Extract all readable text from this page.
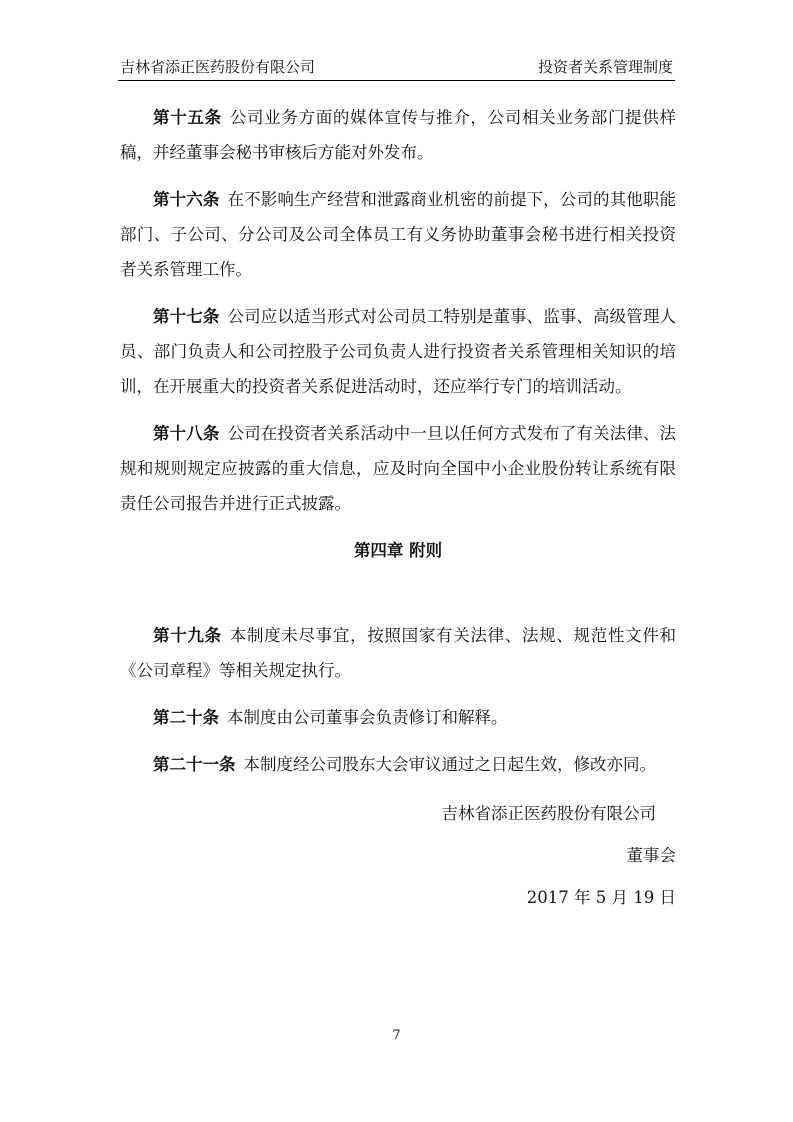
吉林省添正医药股份有限公司	投资者关系管理制度

第十五条 公司业务方面的媒体宣传与推介，公司相关业务部门提供样稿，并经董事会秘书审核后方能对外发布。

第十六条 在不影响生产经营和泄露商业机密的前提下，公司的其他职能部门、子公司、分公司及公司全体员工有义务协助董事会秘书进行相关投资者关系管理工作。

第十七条 公司应以适当形式对公司员工特别是董事、监事、高级管理人员、部门负责人和公司控股子公司负责人进行投资者关系管理相关知识的培训，在开展重大的投资者关系促进活动时，还应举行专门的培训活动。

第十八条 公司在投资者关系活动中一旦以任何方式发布了有关法律、法规和规则规定应披露的重大信息，应及时向全国中小企业股份转让系统有限责任公司报告并进行正式披露。

第四章 附则

第十九条 本制度未尽事宜，按照国家有关法律、法规、规范性文件和《公司章程》等相关规定执行。

第二十条 本制度由公司董事会负责修订和解释。

第二十一条 本制度经公司股东大会审议通过之日起生效，修改亦同。

吉林省添正医药股份有限公司
董事会
2017 年 5 月 19 日
7
